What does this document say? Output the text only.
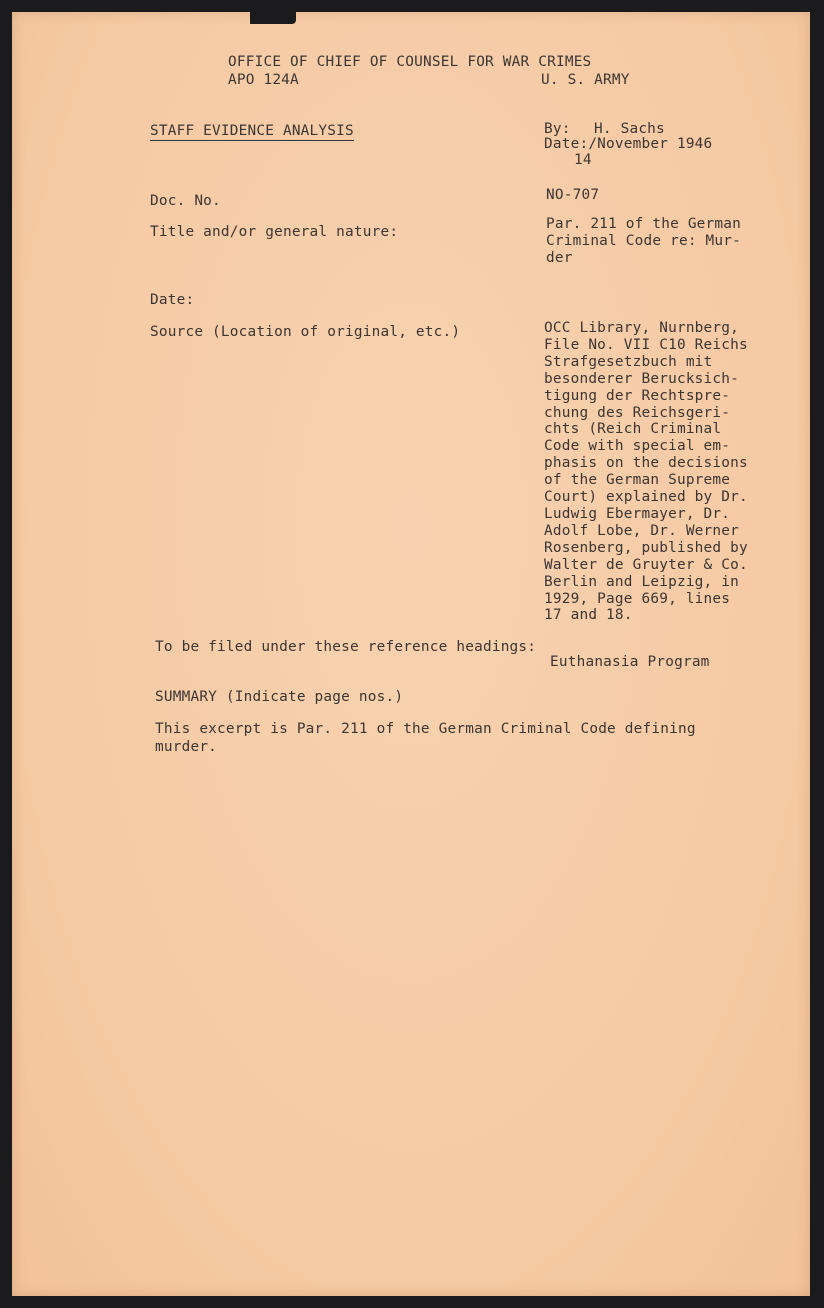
OFFICE OF CHIEF OF COUNSEL FOR WAR CRIMES
APO 124A	U. S. ARMY
STAFF EVIDENCE ANALYSIS	By: H. Sachs
Date:/November 1946
14
Doc. No.	NO-707
Title and/or general nature:	Par. 211 of the German
Criminal Code re: Mur-
der
Date:
Source (Location of original, etc.)	OCC Library, Nurnberg,
File No. VII C10 Reichs
Strafgesetzbuch mit
besonderer Berucksich-
tigung der Rechtspre-
chung des Reichsgeri-
chts (Reich Criminal
Code with special em-
phasis on the decisions
of the German Supreme
Court) explained by Dr.
Ludwig Ebermayer, Dr.
Adolf Lobe, Dr. Werner
Rosenberg, published by
Walter de Gruyter & Co.
Berlin and Leipzig, in
1929, Page 669, lines
17 and 18.
To be filed under these reference headings:
Euthanasia Program
SUMMARY (Indicate page nos.)
This excerpt is Par. 211 of the German Criminal Code defining
murder.
